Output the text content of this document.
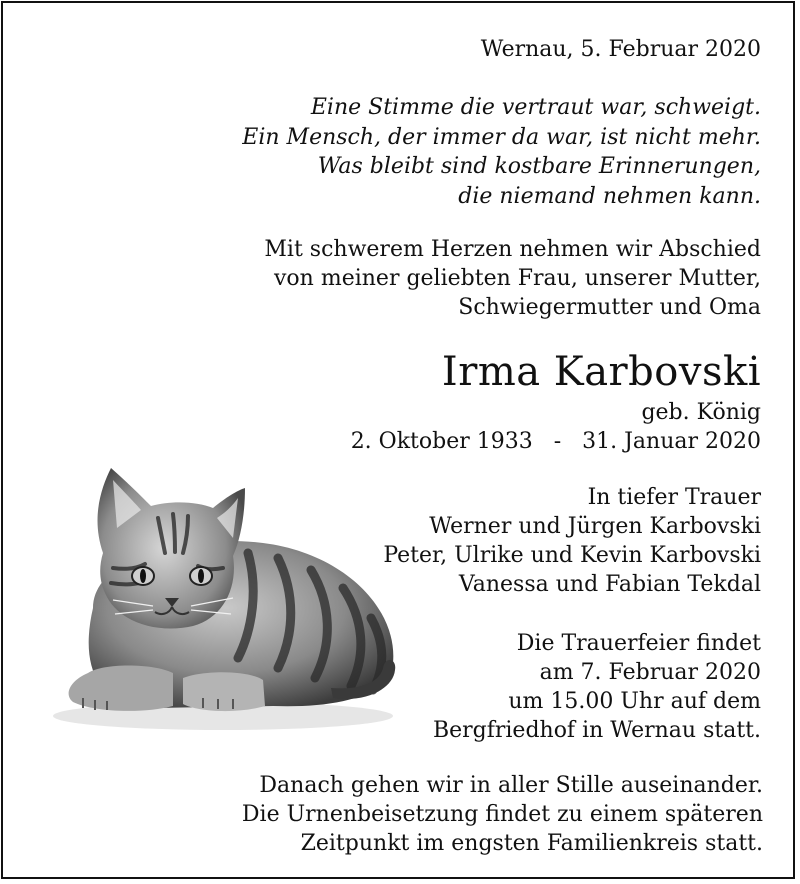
Wernau, 5. Februar 2020
Eine Stimme die vertraut war, schweigt.
Ein Mensch, der immer da war, ist nicht mehr.
Was bleibt sind kostbare Erinnerungen,
die niemand nehmen kann.
Mit schwerem Herzen nehmen wir Abschied
von meiner geliebten Frau, unserer Mutter,
Schwiegermutter und Oma
Irma Karbovski
geb. König
2. Oktober 1933   -   31. Januar 2020
In tiefer Trauer
Werner und Jürgen Karbovski
Peter, Ulrike und Kevin Karbovski
Vanessa und Fabian Tekdal
Die Trauerfeier findet
am 7. Februar 2020
um 15.00 Uhr auf dem
Bergfriedhof in Wernau statt.
Danach gehen wir in aller Stille auseinander.
Die Urnenbeisetzung findet zu einem späteren
Zeitpunkt im engsten Familienkreis statt.
